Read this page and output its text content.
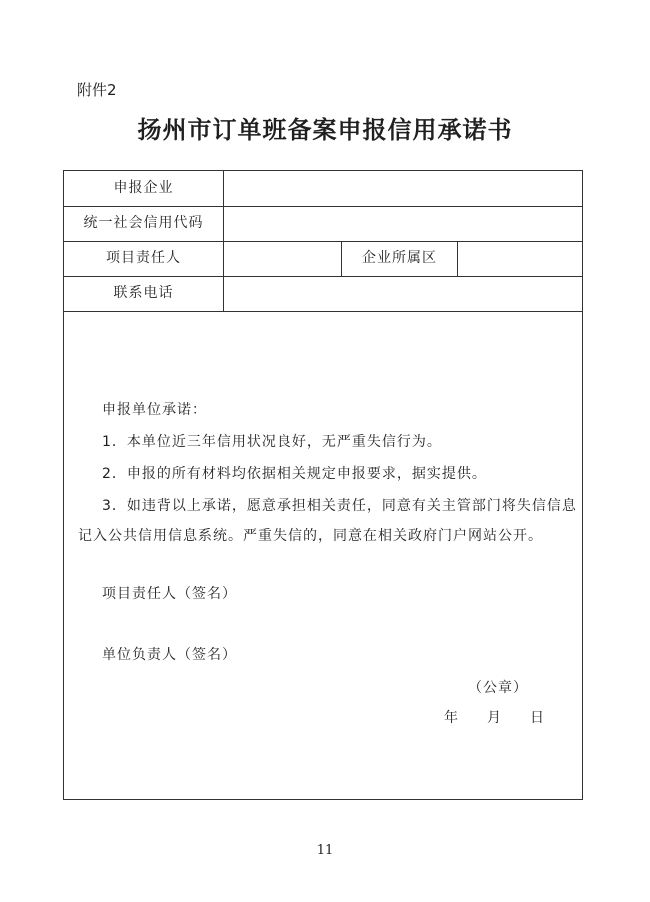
附件2
扬州市订单班备案申报信用承诺书
申报企业
统一社会信用代码
项目责任人	企业所属区
联系电话
申报单位承诺：
1．本单位近三年信用状况良好，无严重失信行为。
2．申报的所有材料均依据相关规定申报要求，据实提供。
3．如违背以上承诺，愿意承担相关责任，同意有关主管部门将失信信息
记入公共信用信息系统。严重失信的，同意在相关政府门户网站公开。
项目责任人（签名）
单位负责人（签名）
（公章）
年 月 日
11
